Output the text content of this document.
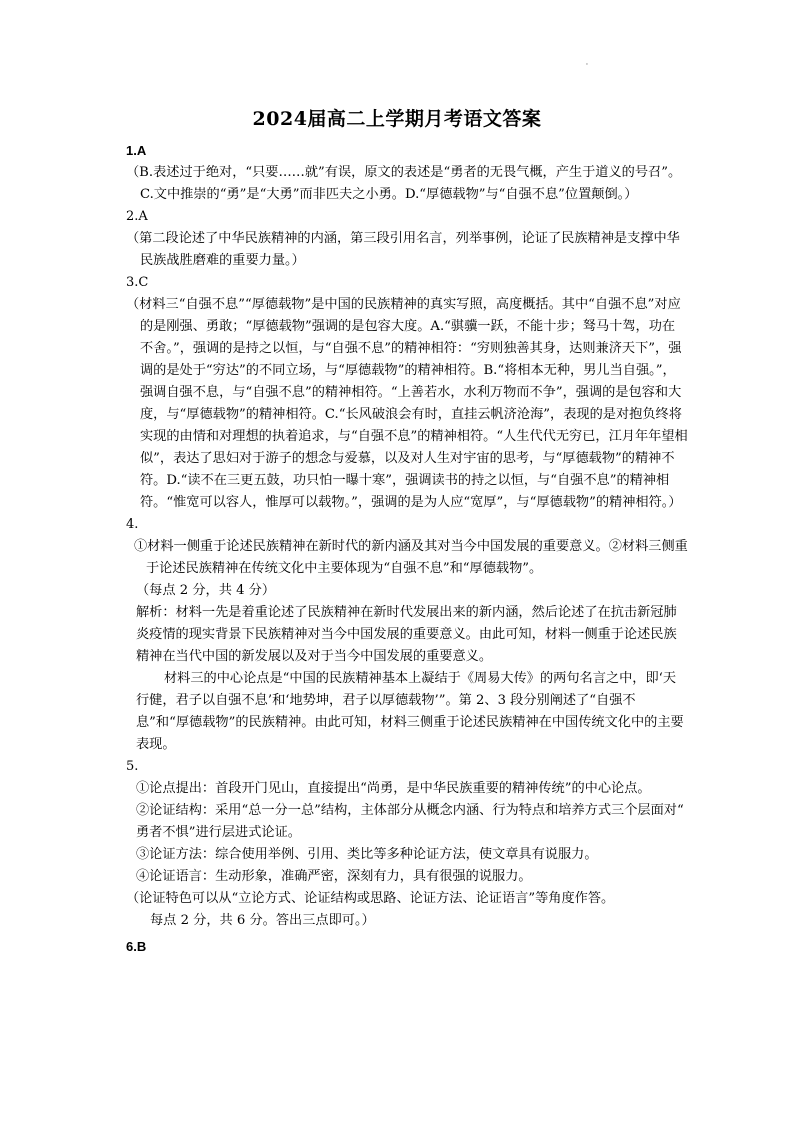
'
2024届高二上学期月考语文答案
1.A

（B.表述过于绝对，“只要……就”有误，原文的表述是“勇者的无畏气概，产生于道义的号召”。C.文中推崇的“勇”是“大勇”而非匹夫之小勇。D.“厚德载物”与“自强不息”位置颠倒。）

2.A

（第二段论述了中华民族精神的内涵，第三段引用名言，列举事例，论证了民族精神是支撑中华民族战胜磨难的重要力量。）

3.C

（材料三“自强不息”“厚德载物”是中国的民族精神的真实写照，高度概括。其中“自强不息”对应的是刚强、勇敢；“厚德载物”强调的是包容大度。A.“骐骥一跃，不能十步；驽马十驾，功在不舍。”，强调的是持之以恒，与“自强不息”的精神相符：“穷则独善其身，达则兼济天下”，强调的是处于“穷达”的不同立场，与“厚德载物”的精神相符。B.“将相本无种，男儿当自强。”，强调自强不息，与“自强不息”的精神相符。“上善若水，水利万物而不争”，强调的是包容和大度，与“厚德载物”的精神相符。C.“长风破浪会有时，直挂云帆济沧海”，表现的是对抱负终将实现的由情和对理想的执着追求，与“自强不息”的精神相符。“人生代代无穷已，江月年年望相似”，表达了思妇对于游子的想念与爱慕，以及对人生对宇宙的思考，与“厚德载物”的精神不符。D.“读不在三更五鼓，功只怕一曝十寒”，强调读书的持之以恒，与“自强不息”的精神相符。“惟宽可以容人，惟厚可以载物。”，强调的是为人应“宽厚”，与“厚德载物”的精神相符。）

4.

①材料一侧重于论述民族精神在新时代的新内涵及其对当今中国发展的重要意义。②材料三侧重于论述民族精神在传统文化中主要体现为“自强不息”和“厚德载物”。

（每点 2 分，共 4 分）

解析：材料一先是着重论述了民族精神在新时代发展出来的新内涵，然后论述了在抗击新冠肺炎疫情的现实背景下民族精神对当今中国发展的重要意义。由此可知，材料一侧重于论述民族精神在当代中国的新发展以及对于当今中国发展的重要意义。

材料三的中心论点是“中国的民族精神基本上凝结于《周易大传》的两句名言之中，即‘天行健，君子以自强不息’和‘地势坤，君子以厚德载物’”。第 2、3 段分别阐述了“自强不息”和“厚德载物”的民族精神。由此可知，材料三侧重于论述民族精神在中国传统文化中的主要表现。

5.

①论点提出：首段开门见山，直接提出“尚勇，是中华民族重要的精神传统”的中心论点。

②论证结构：采用“总一分一总”结构，主体部分从概念内涵、行为特点和培养方式三个层面对“ 勇者不惧”进行层进式论证。

③论证方法：综合使用举例、引用、类比等多种论证方法，使文章具有说服力。

④论证语言：生动形象，准确严密，深刻有力，具有很强的说服力。

（论证特色可以从“立论方式、论证结构或思路、论证方法、论证语言”等角度作答。

每点 2 分，共 6 分。答出三点即可。）

6.B
